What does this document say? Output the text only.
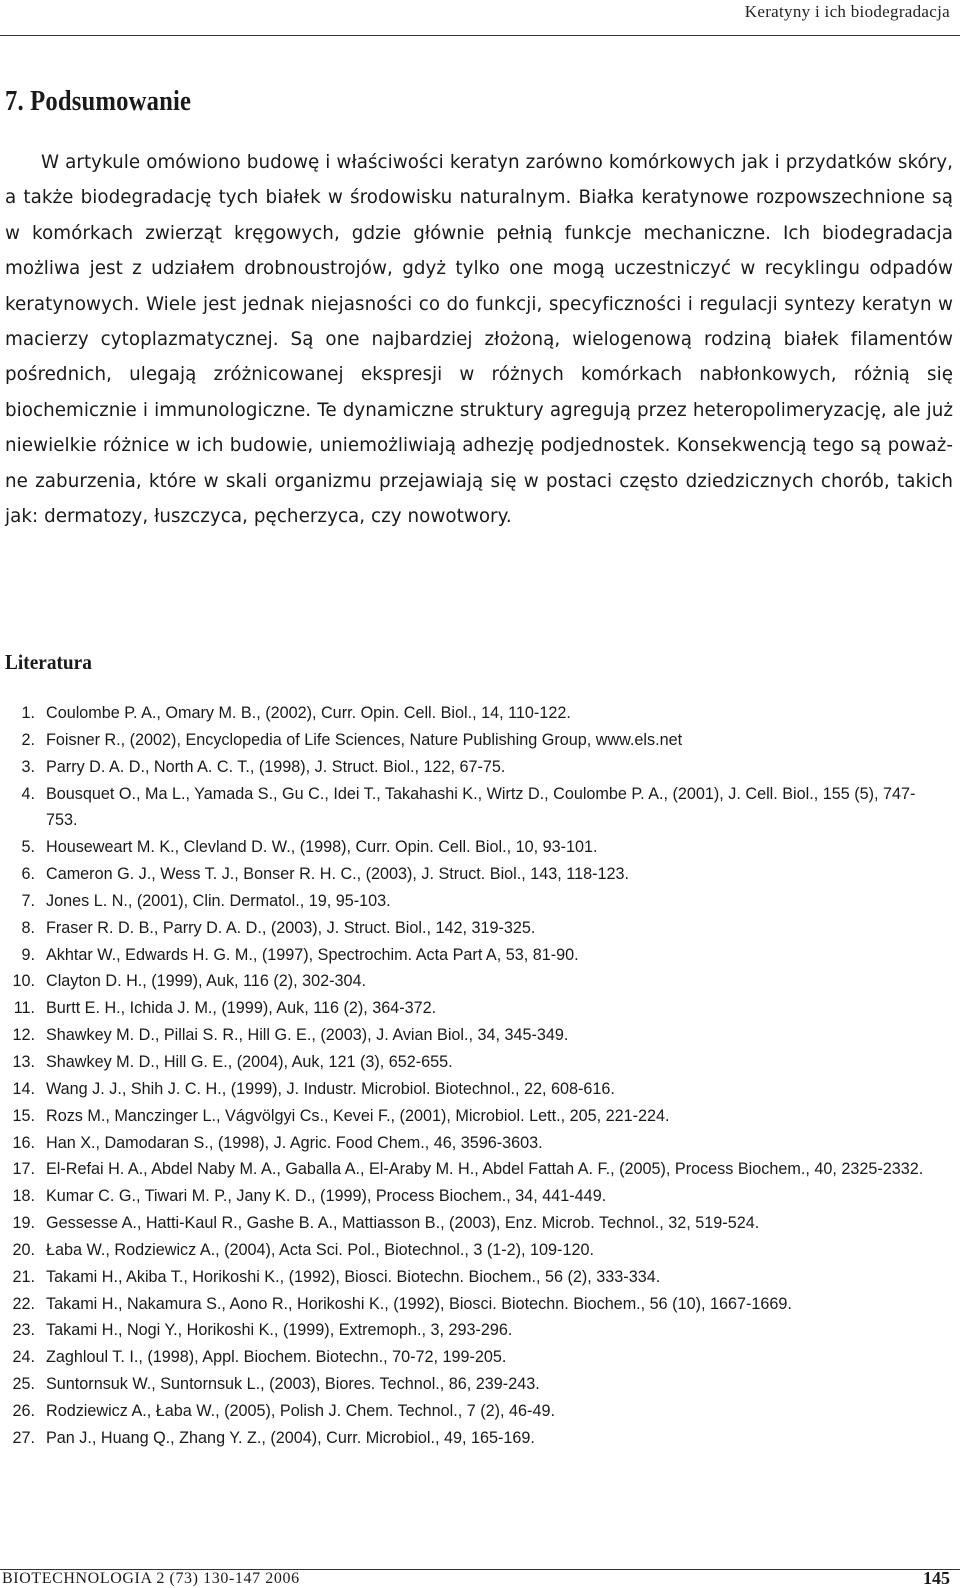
Keratyny i ich biodegradacja

7. Podsumowanie

W artykule omówiono budowę i właściwości keratyn zarówno komórkowych jak i przydatków skóry, a także biodegradację tych białek w środowisku naturalnym. Białka keratynowe rozpowszechnione są w komórkach zwierząt kręgowych, gdzie głównie pełnią funkcje mechaniczne. Ich biodegradacja możliwa jest z udziałem drobnoustrojów, gdyż tylko one mogą uczestniczyć w recyklingu odpadów keratynowych. Wiele jest jednak niejasności co do funkcji, specyficzności i regulacji syntezy keratyn w macierzy cytoplazmatycznej. Są one najbardziej złożoną, wielogenową rodziną białek filamentów pośrednich, ulegają zróżnicowanej ekspresji w różnych komórkach nabłonkowych, różnią się biochemicznie i immunologiczne. Te dynamiczne struktury agregują przez heteropolimeryzację, ale już niewielkie różnice w ich budowie, uniemożliwiają adhezję podjednostek. Konsekwencją tego są poważne zaburzenia, które w skali organizmu przejawiają się w postaci często dziedzicznych chorób, takich jak: dermatozy, łuszczyca, pęcherzyca, czy nowotwory.

Literatura
1. Coulombe P. A., Omary M. B., (2002), Curr. Opin. Cell. Biol., 14, 110-122.
2. Foisner R., (2002), Encyclopedia of Life Sciences, Nature Publishing Group, www.els.net
3. Parry D. A. D., North A. C. T., (1998), J. Struct. Biol., 122, 67-75.
4. Bousquet O., Ma L., Yamada S., Gu C., Idei T., Takahashi K., Wirtz D., Coulombe P. A., (2001), J. Cell. Biol., 155 (5), 747-753.
5. Houseweart M. K., Clevland D. W., (1998), Curr. Opin. Cell. Biol., 10, 93-101.
6. Cameron G. J., Wess T. J., Bonser R. H. C., (2003), J. Struct. Biol., 143, 118-123.
7. Jones L. N., (2001), Clin. Dermatol., 19, 95-103.
8. Fraser R. D. B., Parry D. A. D., (2003), J. Struct. Biol., 142, 319-325.
9. Akhtar W., Edwards H. G. M., (1997), Spectrochim. Acta Part A, 53, 81-90.
10. Clayton D. H., (1999), Auk, 116 (2), 302-304.
11. Burtt E. H., Ichida J. M., (1999), Auk, 116 (2), 364-372.
12. Shawkey M. D., Pillai S. R., Hill G. E., (2003), J. Avian Biol., 34, 345-349.
13. Shawkey M. D., Hill G. E., (2004), Auk, 121 (3), 652-655.
14. Wang J. J., Shih J. C. H., (1999), J. Industr. Microbiol. Biotechnol., 22, 608-616.
15. Rozs M., Manczinger L., Vágvölgyi Cs., Kevei F., (2001), Microbiol. Lett., 205, 221-224.
16. Han X., Damodaran S., (1998), J. Agric. Food Chem., 46, 3596-3603.
17. El-Refai H. A., Abdel Naby M. A., Gaballa A., El-Araby M. H., Abdel Fattah A. F., (2005), Process Biochem., 40, 2325-2332.
18. Kumar C. G., Tiwari M. P., Jany K. D., (1999), Process Biochem., 34, 441-449.
19. Gessesse A., Hatti-Kaul R., Gashe B. A., Mattiasson B., (2003), Enz. Microb. Technol., 32, 519-524.
20. Łaba W., Rodziewicz A., (2004), Acta Sci. Pol., Biotechnol., 3 (1-2), 109-120.
21. Takami H., Akiba T., Horikoshi K., (1992), Biosci. Biotechn. Biochem., 56 (2), 333-334.
22. Takami H., Nakamura S., Aono R., Horikoshi K., (1992), Biosci. Biotechn. Biochem., 56 (10), 1667-1669.
23. Takami H., Nogi Y., Horikoshi K., (1999), Extremoph., 3, 293-296.
24. Zaghloul T. I., (1998), Appl. Biochem. Biotechn., 70-72, 199-205.
25. Suntornsuk W., Suntornsuk L., (2003), Biores. Technol., 86, 239-243.
26. Rodziewicz A., Łaba W., (2005), Polish J. Chem. Technol., 7 (2), 46-49.
27. Pan J., Huang Q., Zhang Y. Z., (2004), Curr. Microbiol., 49, 165-169.

BIOTECHNOLOGIA 2 (73) 130-147 2006	145
